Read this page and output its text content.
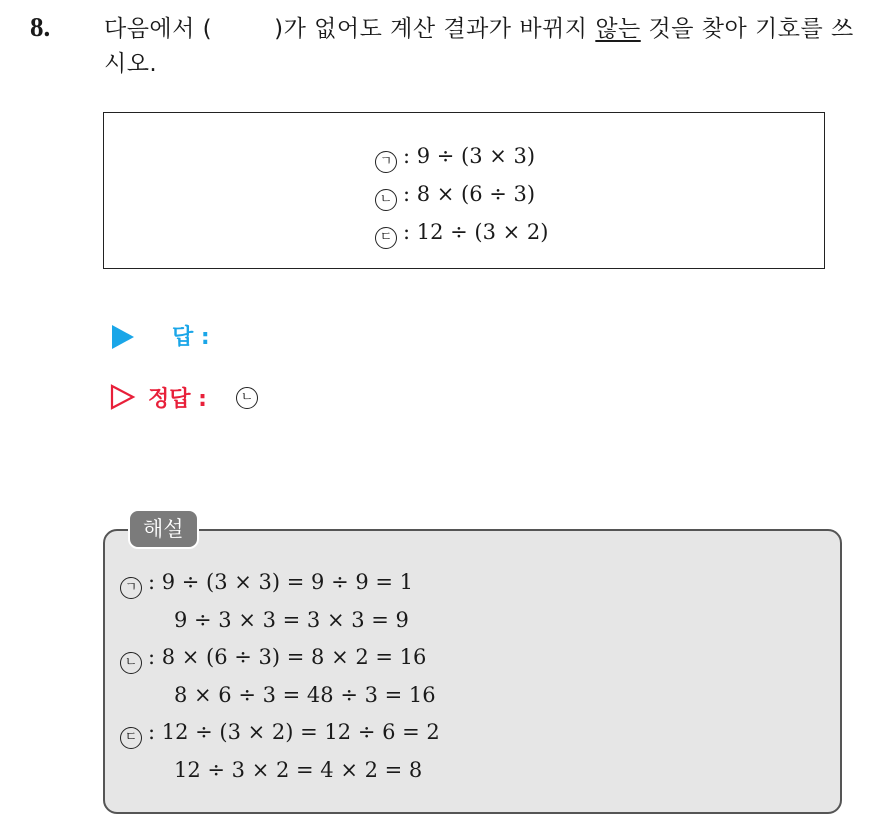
8. 다음에서 (	)가 없어도 계산 결과가 바뀌지 않는 것을 찾아 기호를 쓰시오.
ㄱ : 9 ÷ (3 × 3)
ㄴ : 8 × (6 ÷ 3)
ㄷ : 12 ÷ (3 × 2)
답 :
정답 :	ㄴ
해설
ㄱ : 9 ÷ (3 × 3) = 9 ÷ 9 = 1
9 ÷ 3 × 3 = 3 × 3 = 9
ㄴ : 8 × (6 ÷ 3) = 8 × 2 = 16
8 × 6 ÷ 3 = 48 ÷ 3 = 16
ㄷ : 12 ÷ (3 × 2) = 12 ÷ 6 = 2
12 ÷ 3 × 2 = 4 × 2 = 8
